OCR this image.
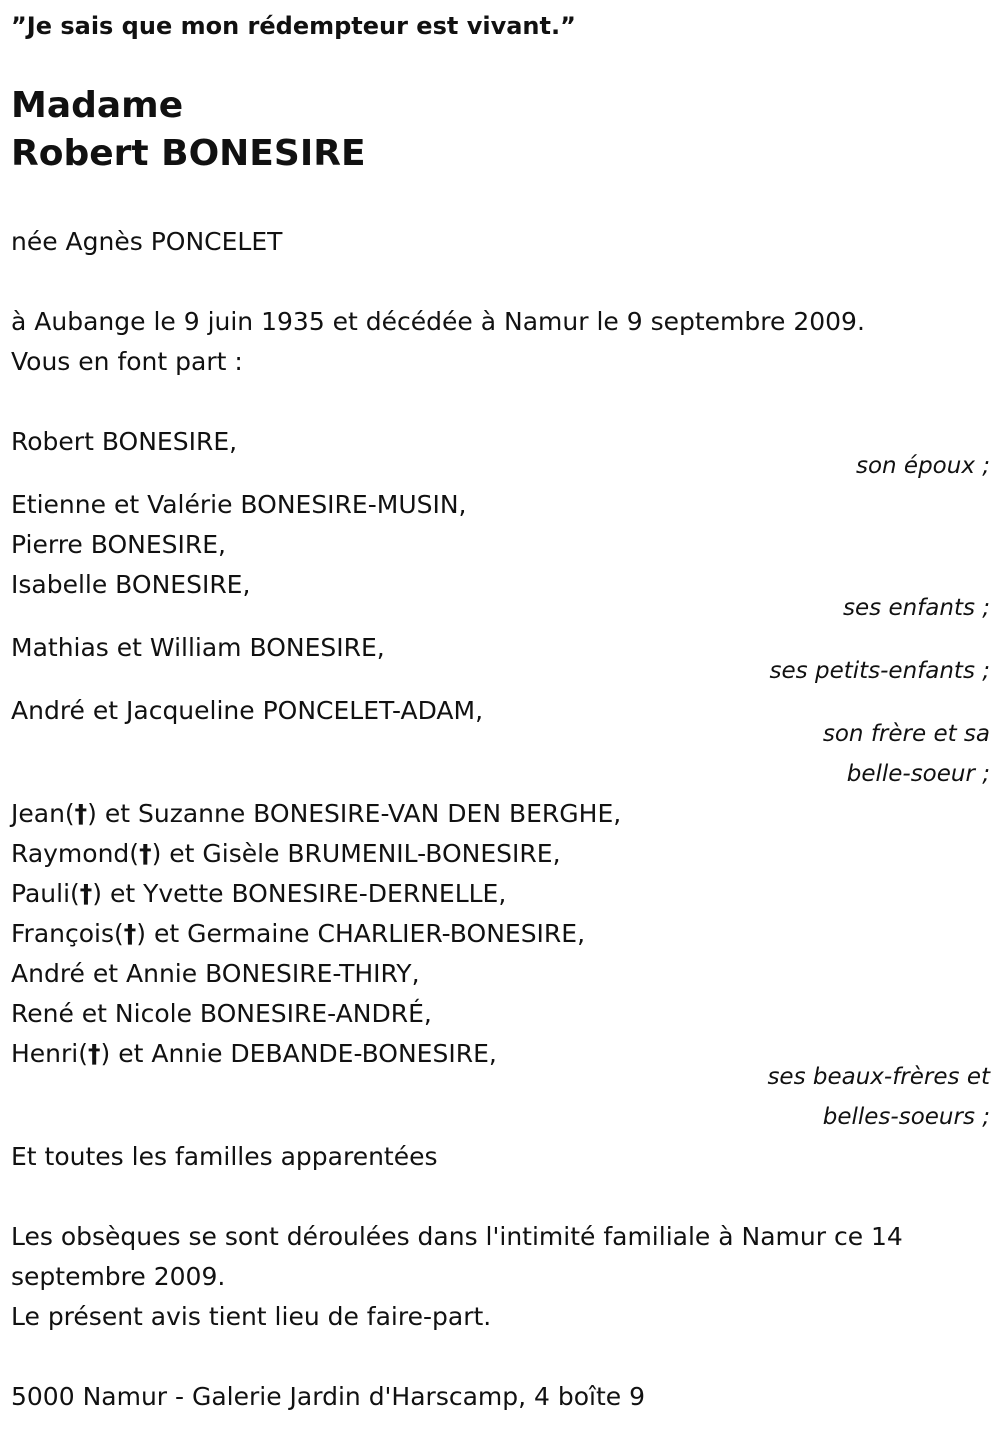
”Je sais que mon rédempteur est vivant.”
Madame
Robert BONESIRE
née Agnès PONCELET
à Aubange le 9 juin 1935 et décédée à Namur le 9 septembre 2009.
Vous en font part :
Robert BONESIRE,
son époux ;
Etienne et Valérie BONESIRE-MUSIN,
Pierre BONESIRE,
Isabelle BONESIRE,
ses enfants ;
Mathias et William BONESIRE,
ses petits-enfants ;
André et Jacqueline PONCELET-ADAM,
son frère et sa
belle-soeur ;
Jean(†) et Suzanne BONESIRE-VAN DEN BERGHE,
Raymond(†) et Gisèle BRUMENIL-BONESIRE,
Pauli(†) et Yvette BONESIRE-DERNELLE,
François(†) et Germaine CHARLIER-BONESIRE,
André et Annie BONESIRE-THIRY,
René et Nicole BONESIRE-ANDRÉ,
Henri(†) et Annie DEBANDE-BONESIRE,
ses beaux-frères et
belles-soeurs ;
Et toutes les familles apparentées
Les obsèques se sont déroulées dans l'intimité familiale à Namur ce 14
septembre 2009.
Le présent avis tient lieu de faire-part.
5000 Namur - Galerie Jardin d'Harscamp, 4 boîte 9
